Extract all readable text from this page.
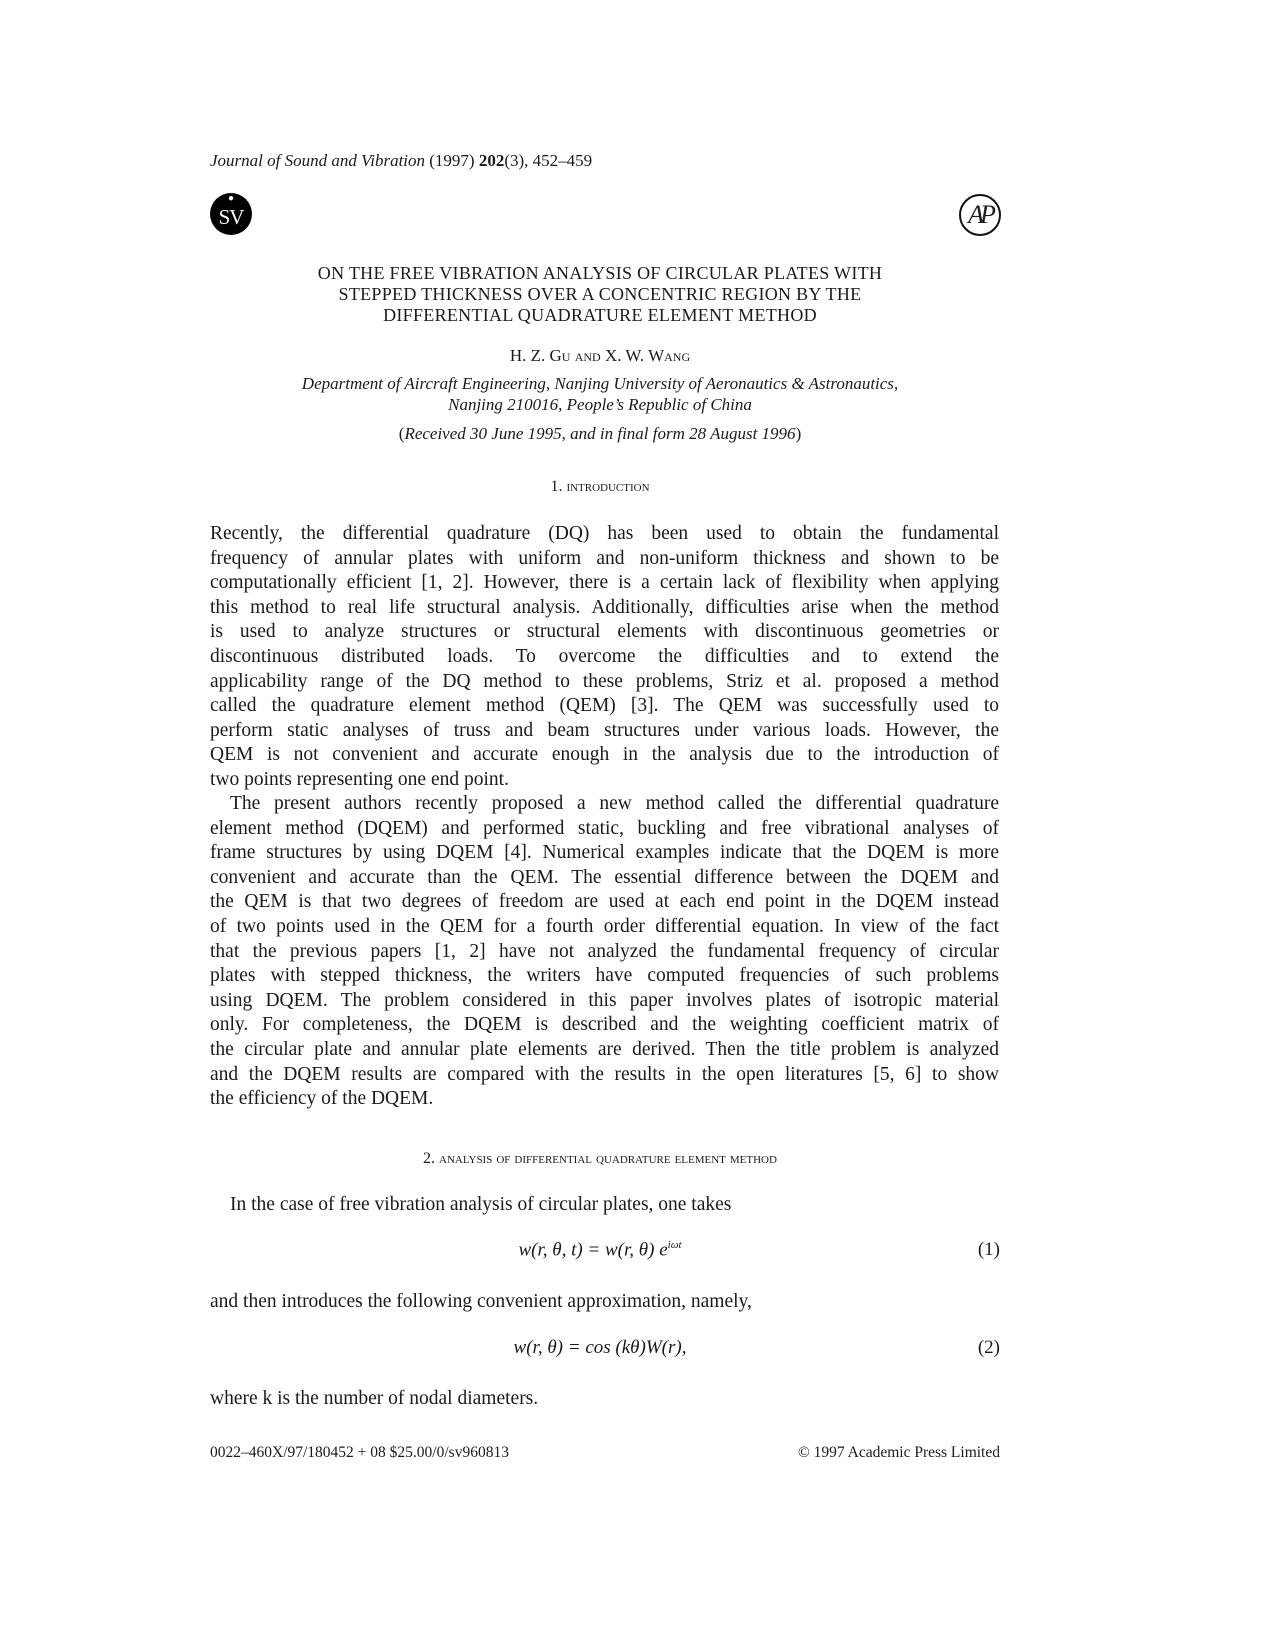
Journal of Sound and Vibration (1997) 202(3), 452–459
●
SV	AP
ON THE FREE VIBRATION ANALYSIS OF CIRCULAR PLATES WITH
STEPPED THICKNESS OVER A CONCENTRIC REGION BY THE
DIFFERENTIAL QUADRATURE ELEMENT METHOD
H. Z. Gu and X. W. Wang
Department of Aircraft Engineering, Nanjing University of Aeronautics & Astronautics,
Nanjing 210016, People’s Republic of China
(Received 30 June 1995, and in final form 28 August 1996)
1. introduction
Recently, the differential quadrature (DQ) has been used to obtain the fundamental
frequency of annular plates with uniform and non-uniform thickness and shown to be
computationally efficient [1, 2]. However, there is a certain lack of flexibility when applying
this method to real life structural analysis. Additionally, difficulties arise when the method
is used to analyze structures or structural elements with discontinuous geometries or
discontinuous distributed loads. To overcome the difficulties and to extend the
applicability range of the DQ method to these problems, Striz et al. proposed a method
called the quadrature element method (QEM) [3]. The QEM was successfully used to
perform static analyses of truss and beam structures under various loads. However, the
QEM is not convenient and accurate enough in the analysis due to the introduction of
two points representing one end point.
The present authors recently proposed a new method called the differential quadrature
element method (DQEM) and performed static, buckling and free vibrational analyses of
frame structures by using DQEM [4]. Numerical examples indicate that the DQEM is more
convenient and accurate than the QEM. The essential difference between the DQEM and
the QEM is that two degrees of freedom are used at each end point in the DQEM instead
of two points used in the QEM for a fourth order differential equation. In view of the fact
that the previous papers [1, 2] have not analyzed the fundamental frequency of circular
plates with stepped thickness, the writers have computed frequencies of such problems
using DQEM. The problem considered in this paper involves plates of isotropic material
only. For completeness, the DQEM is described and the weighting coefficient matrix of
the circular plate and annular plate elements are derived. Then the title problem is analyzed
and the DQEM results are compared with the results in the open literatures [5, 6] to show
the efficiency of the DQEM.
2. analysis of differential quadrature element method
In the case of free vibration analysis of circular plates, one takes
w(r, θ, t) = w(r, θ) $e^{i\omega t}$	(1)
and then introduces the following convenient approximation, namely,
w(r, θ) = cos (kθ)W(r),	(2)
where k is the number of nodal diameters.
0022–460X/97/180452 + 08 $25.00/0/sv960813	© 1997 Academic Press Limited
